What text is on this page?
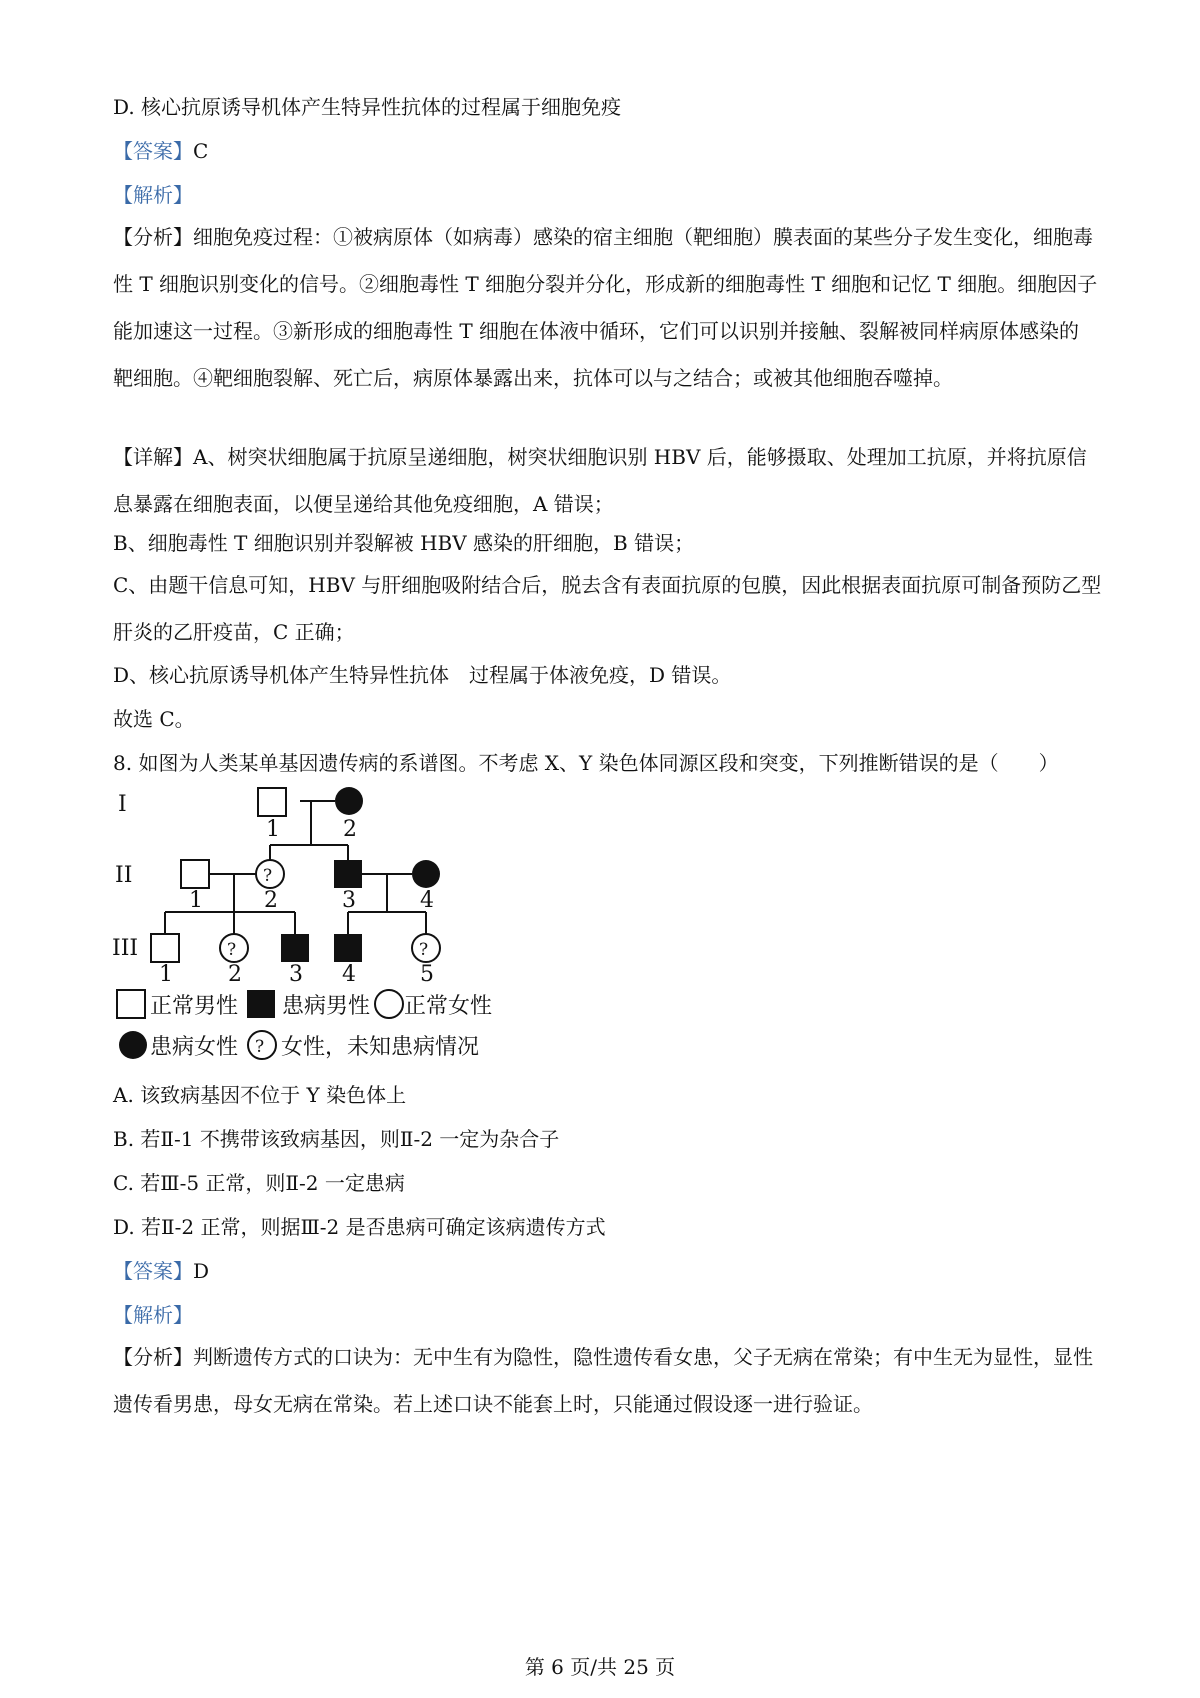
D. 核心抗原诱导机体产生特异性抗体的过程属于细胞免疫
【答案】C
【解析】
【分析】细胞免疫过程：①被病原体（如病毒）感染的宿主细胞（靶细胞）膜表面的某些分子发生变化，细胞毒性 T 细胞识别变化的信号。②细胞毒性 T 细胞分裂并分化，形成新的细胞毒性 T 细胞和记忆 T 细胞。细胞因子能加速这一过程。③新形成的细胞毒性 T 细胞在体液中循环，它们可以识别并接触、裂解被同样病原体感染的 靶细胞。④靶细胞裂解、死亡后，病原体暴露出来，抗体可以与之结合；或被其他细胞吞噬掉。
【详解】A、树突状细胞属于抗原呈递细胞，树突状细胞识别 HBV 后，能够摄取、处理加工抗原，并将抗原信息暴露在细胞表面，以便呈递给其他免疫细胞，A 错误；
B、细胞毒性 T 细胞识别并裂解被 HBV 感染的肝细胞，B 错误；
C、由题干信息可知，HBV 与肝细胞吸附结合后，脱去含有表面抗原的包膜，因此根据表面抗原可制备预防乙型肝炎的乙肝疫苗，C 正确；
D、核心抗原诱导机体产生特异性抗体　过程属于体液免疫，D 错误。
故选 C。
8. 如图为人类某单基因遗传病的系谱图。不考虑 X、Y 染色体同源区段和突变，下列推断错误的是（　　）
I
II
III
1	2
?
1	2	3	4
?	?
1	2 3 4	5
正常男性 患病男性 正常女性
患病女性 ? 女性，未知患病情况
A. 该致病基因不位于 Y 染色体上
B. 若Ⅱ-1 不携带该致病基因，则Ⅱ-2 一定为杂合子
C. 若Ⅲ-5 正常，则Ⅱ-2 一定患病
D. 若Ⅱ-2 正常，则据Ⅲ-2 是否患病可确定该病遗传方式
【答案】D
【解析】
【分析】判断遗传方式的口诀为：无中生有为隐性，隐性遗传看女患，父子无病在常染；有中生无为显性，显性遗传看男患，母女无病在常染。若上述口诀不能套上时，只能通过假设逐一进行验证。
第 6 页/共 25 页
